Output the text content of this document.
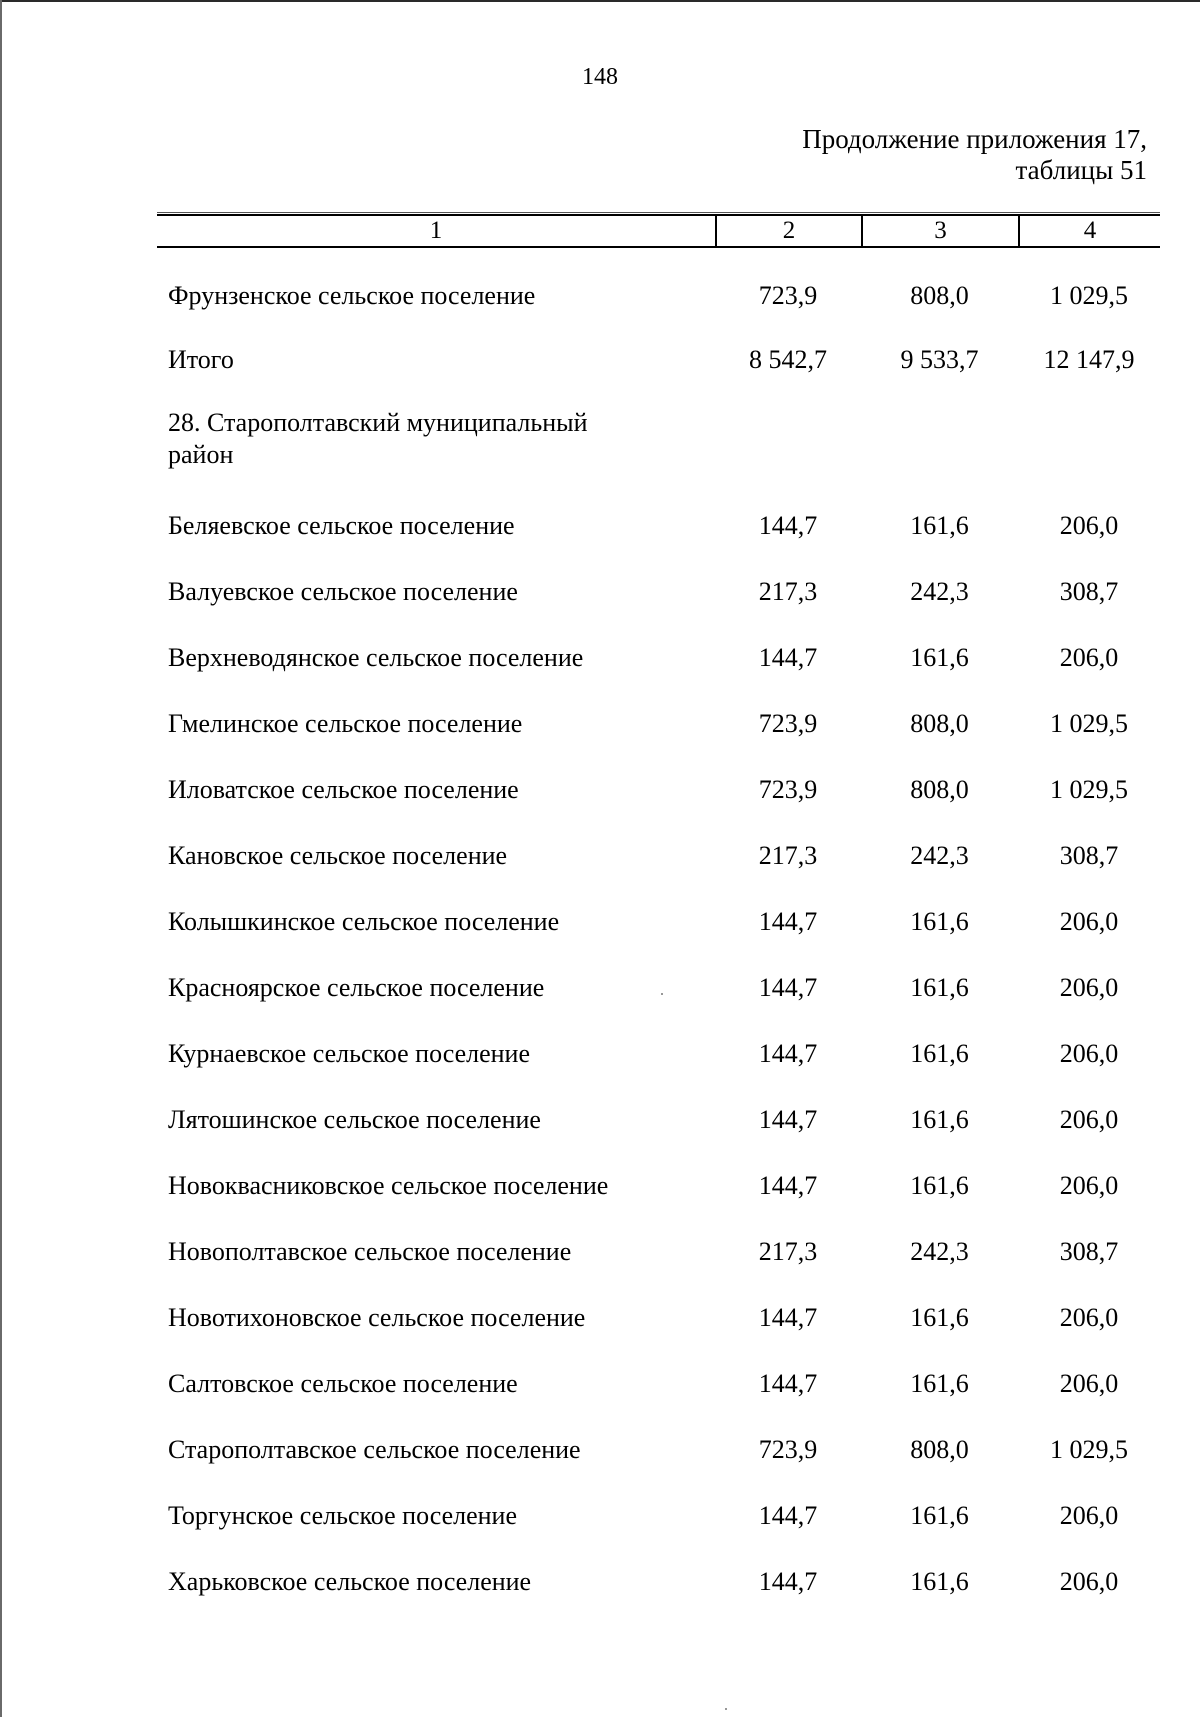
148
Продолжение приложения 17,
таблицы 51
1	2	3	4
Фрунзенское сельское поселение	723,9	808,0	1 029,5
Итого	8 542,7	9 533,7	12 147,9
28. Старополтавский муниципальный
район
Беляевское сельское поселение	144,7	161,6	206,0
Валуевское сельское поселение	217,3	242,3	308,7
Верхневодянское сельское поселение	144,7	161,6	206,0
Гмелинское сельское поселение	723,9	808,0	1 029,5
Иловатское сельское поселение	723,9	808,0	1 029,5
Кановское сельское поселение	217,3	242,3	308,7
Колышкинское сельское поселение	144,7	161,6	206,0
Красноярское сельское поселение	144,7	161,6	206,0
Курнаевское сельское поселение	144,7	161,6	206,0
Лятошинское сельское поселение	144,7	161,6	206,0
Новоквасниковское сельское поселение	144,7	161,6	206,0
Новополтавское сельское поселение	217,3	242,3	308,7
Новотихоновское сельское поселение	144,7	161,6	206,0
Салтовское сельское поселение	144,7	161,6	206,0
Старополтавское сельское поселение	723,9	808,0	1 029,5
Торгунское сельское поселение	144,7	161,6	206,0
Харьковское сельское поселение	144,7	161,6	206,0
